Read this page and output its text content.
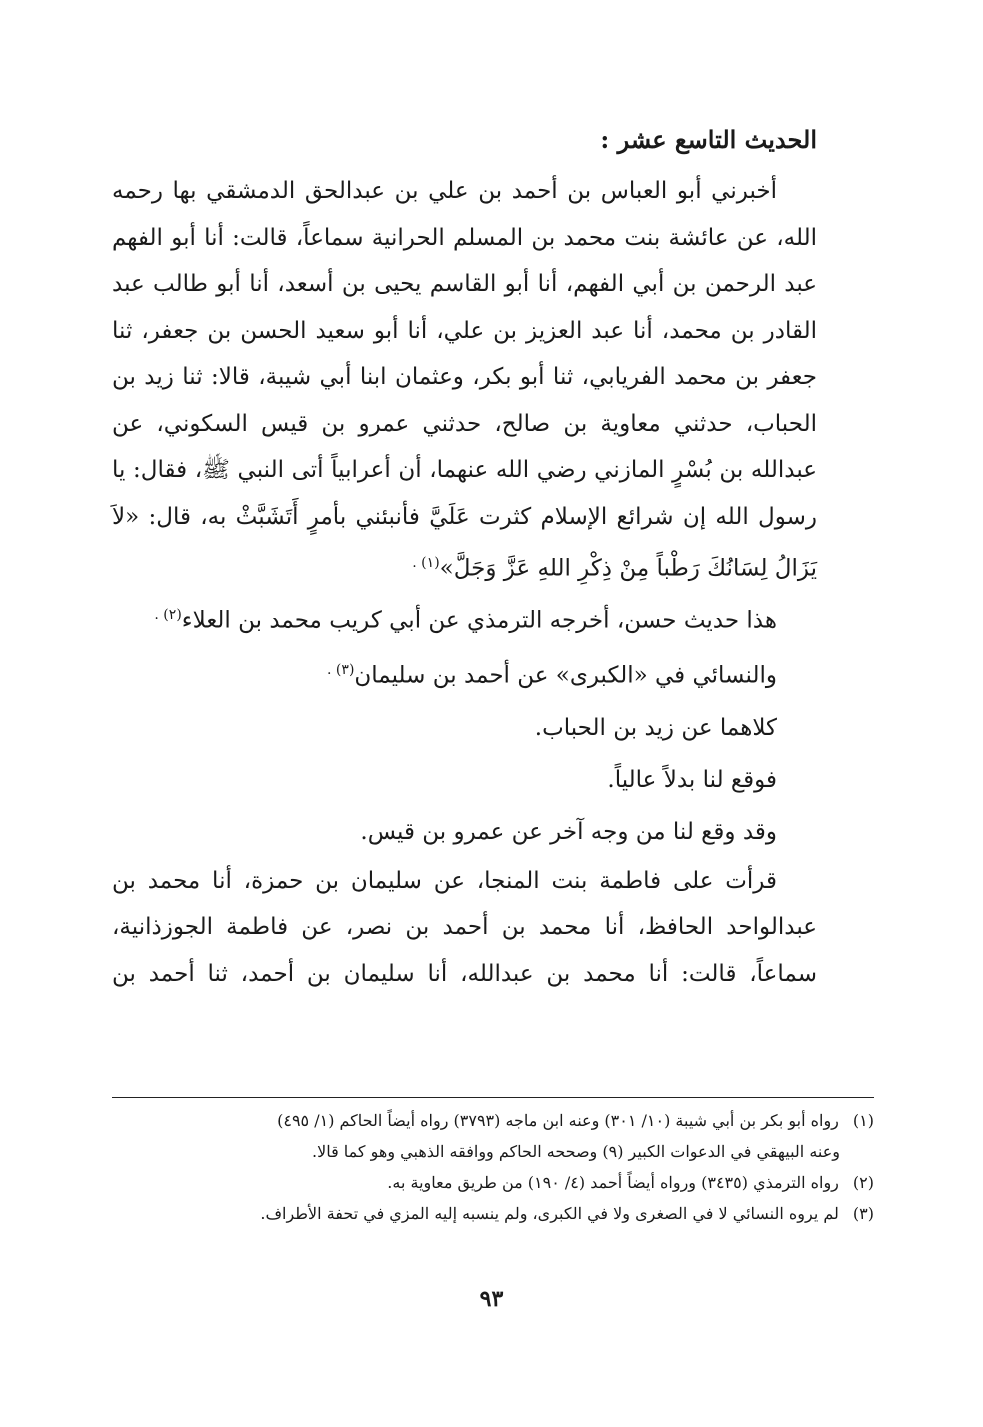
الحديث التاسع عشر :

أخبرني أبو العباس بن أحمد بن علي بن عبدالحق الدمشقي بها رحمه الله، عن عائشة بنت محمد بن المسلم الحرانية سماعاً، قالت: أنا أبو الفهم عبد الرحمن بن أبي الفهم، أنا أبو القاسم يحيى بن أسعد، أنا أبو طالب عبد القادر بن محمد، أنا عبد العزيز بن علي، أنا أبو سعيد الحسن بن جعفر، ثنا جعفر بن محمد الفريابي، ثنا أبو بكر، وعثمان ابنا أبي شيبة، قالا: ثنا زيد بن الحباب، حدثني معاوية بن صالح، حدثني عمرو بن قيس السكوني، عن عبدالله بن بُسْرٍ المازني رضي الله عنهما، أن أعرابياً أتى النبي ﷺ، فقال: يا رسول الله إن شرائع الإسلام كثرت عَلَيَّ فأنبئني بأمرٍ أَتَشَبَّثْ به، قال: «لاَ يَزَالُ لِسَانُكَ رَطْباً مِنْ ذِكْرِ اللهِ عَزَّ وَجَلَّ»$^{(١) .}$

هذا حديث حسن، أخرجه الترمذي عن أبي كريب محمد بن العلاء$^{(٢) .}$

والنسائي في «الكبرى» عن أحمد بن سليمان$^{(٣) .}$

كلاهما عن زيد بن الحباب.

فوقع لنا بدلاً عالياً.

وقد وقع لنا من وجه آخر عن عمرو بن قيس.

قرأت على فاطمة بنت المنجا، عن سليمان بن حمزة، أنا محمد بن عبدالواحد الحافظ، أنا محمد بن أحمد بن نصر، عن فاطمة الجوزذانية، سماعاً، قالت: أنا محمد بن عبدالله، أنا سليمان بن أحمد، ثنا أحمد بن

(١) رواه أبو بكر بن أبي شيبة (١٠/ ٣٠١) وعنه ابن ماجه (٣٧٩٣) رواه أيضاً الحاكم (١/ ٤٩٥)

وعنه البيهقي في الدعوات الكبير (٩) وصححه الحاكم ووافقه الذهبي وهو كما قالا.

(٢) رواه الترمذي (٣٤٣٥) ورواه أيضاً أحمد (٤/ ١٩٠) من طريق معاوية به.

(٣) لم يروه النسائي لا في الصغرى ولا في الكبرى، ولم ينسبه إليه المزي في تحفة الأطراف.

٩٣
